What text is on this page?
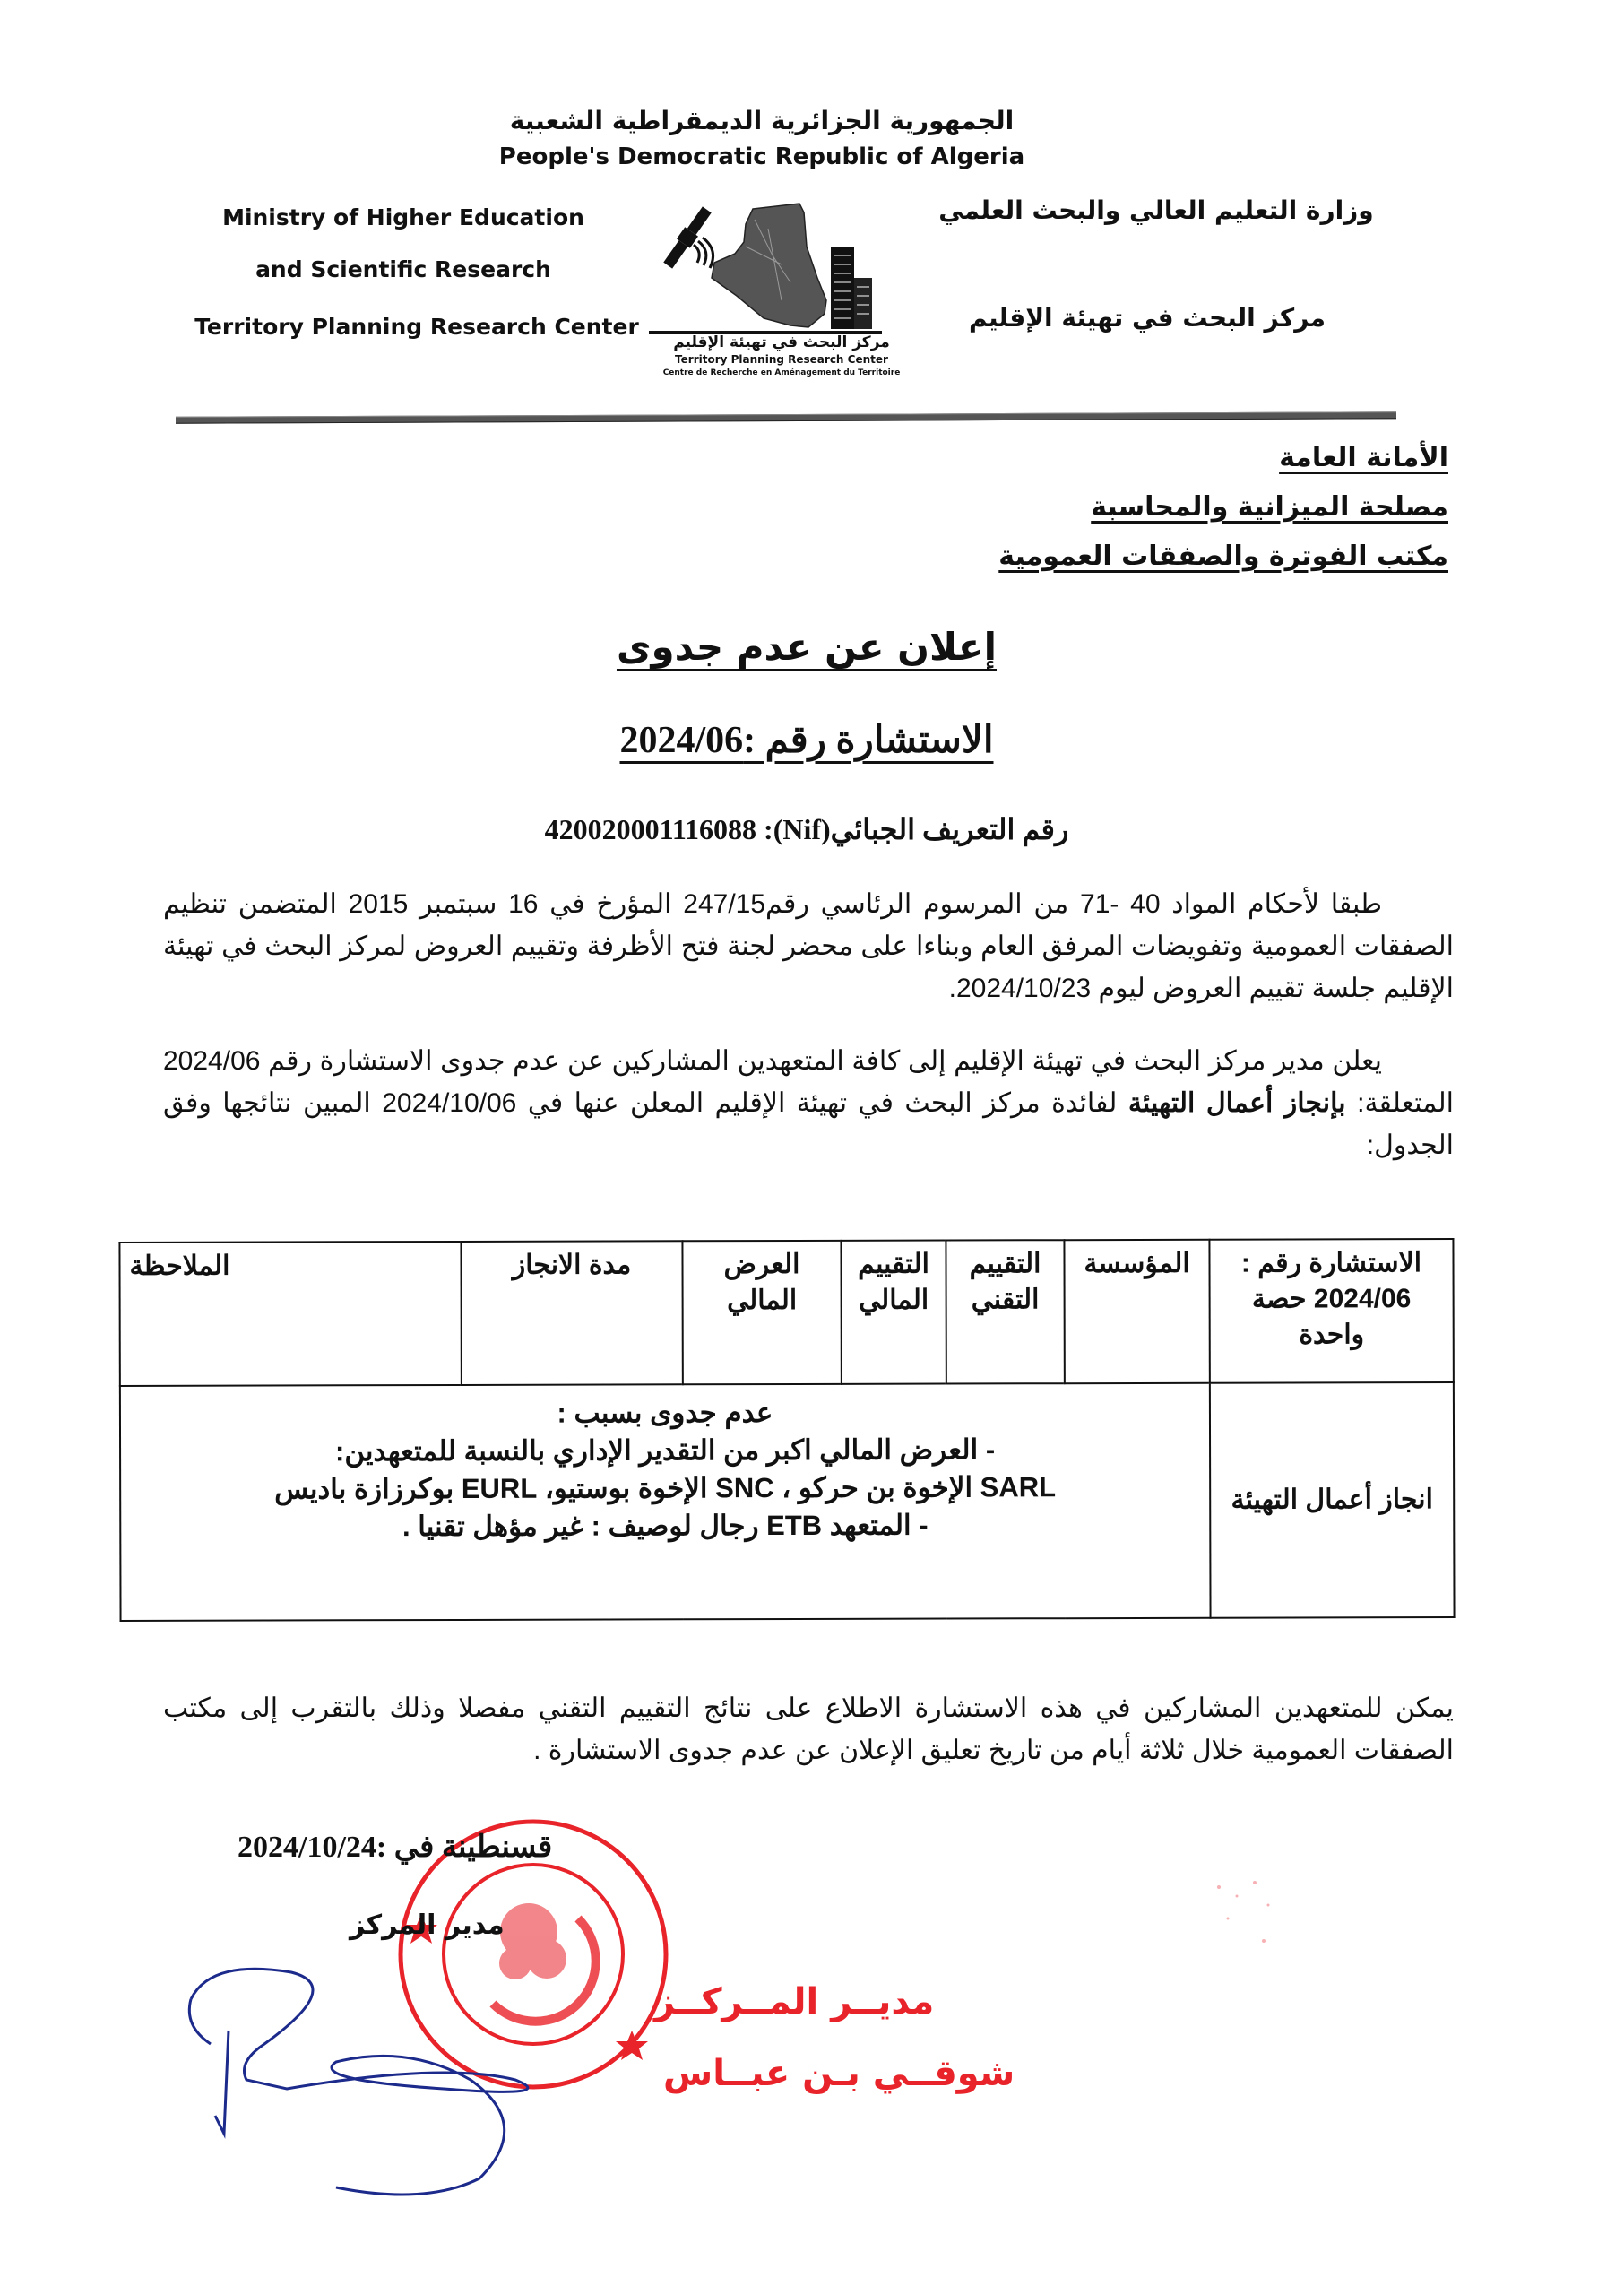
الجمهورية الجزائرية الديمقراطية الشعبية
People's Democratic Republic of Algeria
Ministry of Higher Education
and Scientific Research
Territory Planning Research Center
وزارة التعليم العالي والبحث العلمي
مركز البحث في تهيئة الإقليم
مركز البحث في تهيئة الإقليم
Territory Planning Research Center
Centre de Recherche en Aménagement du Territoire
الأمانة العامة
مصلحة الميزانية والمحاسبة
مكتب الفوترة والصفقات العمومية
إعلان عن عدم جدوى
الاستشارة رقم :2024/06
رقم التعريف الجبائي(Nif): 420020001116088
طبقا لأحكام المواد 40 -71 من المرسوم الرئاسي رقم247/15 المؤرخ في 16 سبتمبر 2015 المتضمن تنظيم الصفقات العمومية وتفويضات المرفق العام وبناءا على محضر لجنة فتح الأظرفة وتقييم العروض لمركز البحث في تهيئة الإقليم جلسة تقييم العروض ليوم 2024/10/23.
يعلن مدير مركز البحث في تهيئة الإقليم إلى كافة المتعهدين المشاركين عن عدم جدوى الاستشارة رقم 2024/06 المتعلقة: بإنجاز أعمال التهيئة لفائدة مركز البحث في تهيئة الإقليم المعلن عنها في 2024/10/06 المبين نتائجها وفق الجدول:
الاستشارة رقم : 2024/06 حصة واحدة	المؤسسة	التقييم التقني	التقييم المالي	العرض المالي	مدة الانجاز	الملاحظة
انجاز أعمال التهيئة	عدم جدوى بسبب :
- العرض المالي اكبر من التقدير الإداري بالنسبة للمتعهدين:
SARL الإخوة بن حركو ، SNC الإخوة بوستيو، EURL بوكرزازة باديس
- المتعهد ETB رجال لوصيف : غير مؤهل تقنيا .
يمكن للمتعهدين المشاركين في هذه الاستشارة الاطلاع على نتائج التقييم التقني مفصلا وذلك بالتقرب إلى مكتب الصفقات العمومية خلال ثلاثة أيام من تاريخ تعليق الإعلان عن عدم جدوى الاستشارة .
مديــر المــركــز
شوقــي بـن عبــاس
قسنطينة في :2024/10/24
مدير المركز
